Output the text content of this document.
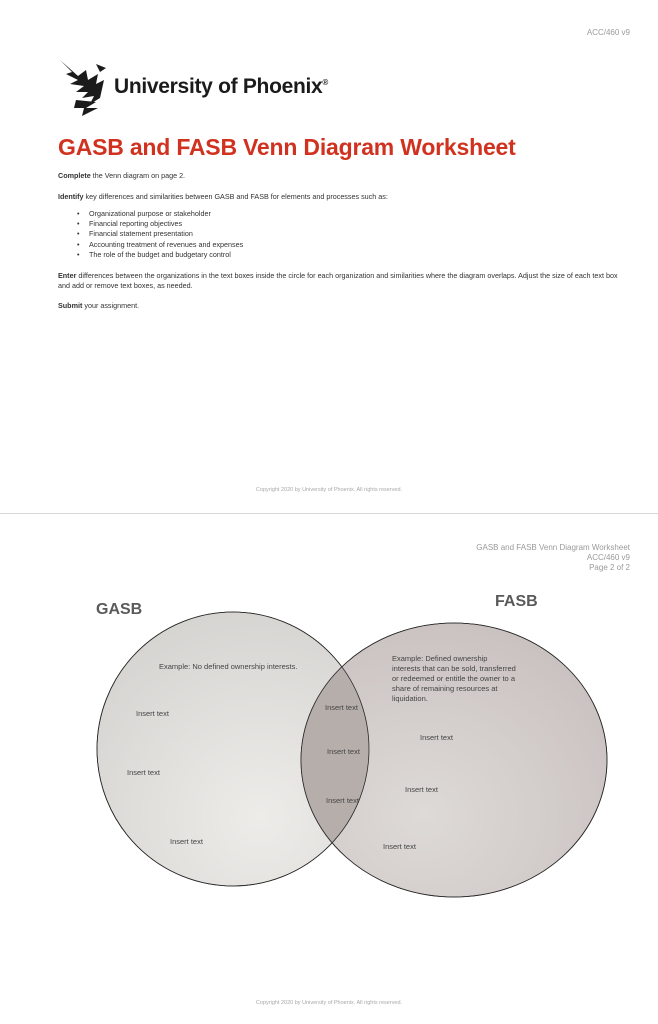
ACC/460 v9
University of Phoenix®
GASB and FASB Venn Diagram Worksheet
Complete the Venn diagram on page 2.
Identify key differences and similarities between GASB and FASB for elements and processes such as:
• Organizational purpose or stakeholder
• Financial reporting objectives
• Financial statement presentation
• Accounting treatment of revenues and expenses
• The role of the budget and budgetary control
Enter differences between the organizations in the text boxes inside the circle for each organization and similarities where the diagram overlaps. Adjust the size of each text box and add or remove text boxes, as needed.
Submit your assignment.
Copyright 2020 by University of Phoenix. All rights reserved.
GASB and FASB Venn Diagram Worksheet
ACC/460 v9
Page 2 of 2
GASB	FASB
Example: No defined ownership interests.
Example: Defined ownership
interests that can be sold, transferred
or redeemed or entitle the owner to a
share of remaining resources at
liquidation.
Insert text
Insert text
Insert text
Insert text
Insert text
Insert text
Insert text
Insert text
Insert text
Copyright 2020 by University of Phoenix. All rights reserved.
